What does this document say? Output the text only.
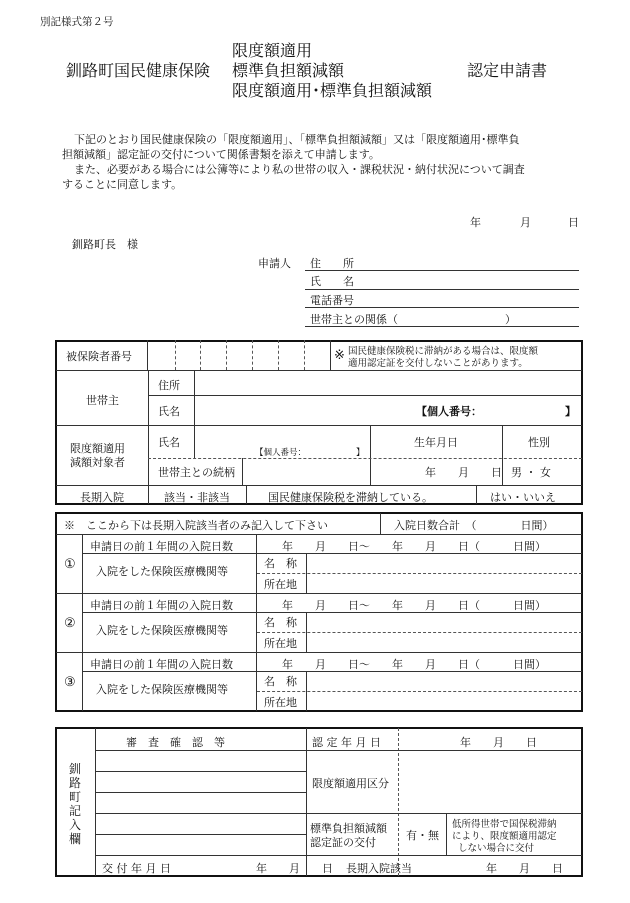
別記様式第２号
釧路町国民健康保険
限度額適用
標準負担額減額
限度額適用･標準負担額減額
認定申請書
下記のとおり国民健康保険の「限度額適用」、「標準負担額減額」又は「限度額適用･標準負
担額減額」認定証の交付について関係書類を添えて申請します。
また、必要がある場合には公簿等により私の世帯の収入・課税状況・納付状況について調査
することに同意します。
年	月	日
釧路町長　様
申請人 住　　所
氏　　名
電話番号
世帯主との関係（	）
被保険者番号	※ 国民健康保険税に滞納がある場合は、限度額
適用認定証を交付しないことがあります。
世帯主
住所
氏名	【個人番号：	】
限度額適用
減額対象者
氏名
【個人番号：	】
生年月日	性別
世帯主との続柄	年　　月　　日 男 ・ 女
長期入院	該当・非該当	国民健康保険税を滞納している。	はい・いいえ
※　ここから下は長期入院該当者のみ記入して下さい	入院日数合計　（　　　　日間）
①
申請日の前１年間の入院日数	年　　月　　日～　　年　　月　　日（　　　日間）
入院をした保険医療機関等
名　称
所在地
②
申請日の前１年間の入院日数	年　　月　　日～　　年　　月　　日（　　　日間）
入院をした保険医療機関等
名　称
所在地
③
申請日の前１年間の入院日数	年　　月　　日～　　年　　月　　日（　　　日間）
入院をした保険医療機関等
名　称
所在地
釧
路
町
記
入
欄
審　査　確　認　等	認 定 年 月 日	年　　月　　日
限度額適用区分
標準負担額減額
認定証の交付
有・無
低所得世帯で国保税滞納
により、限度額適用認定
しない場合に交付
交 付 年 月 日	年　　月　　日 長期入院該当	年　　月　　日
